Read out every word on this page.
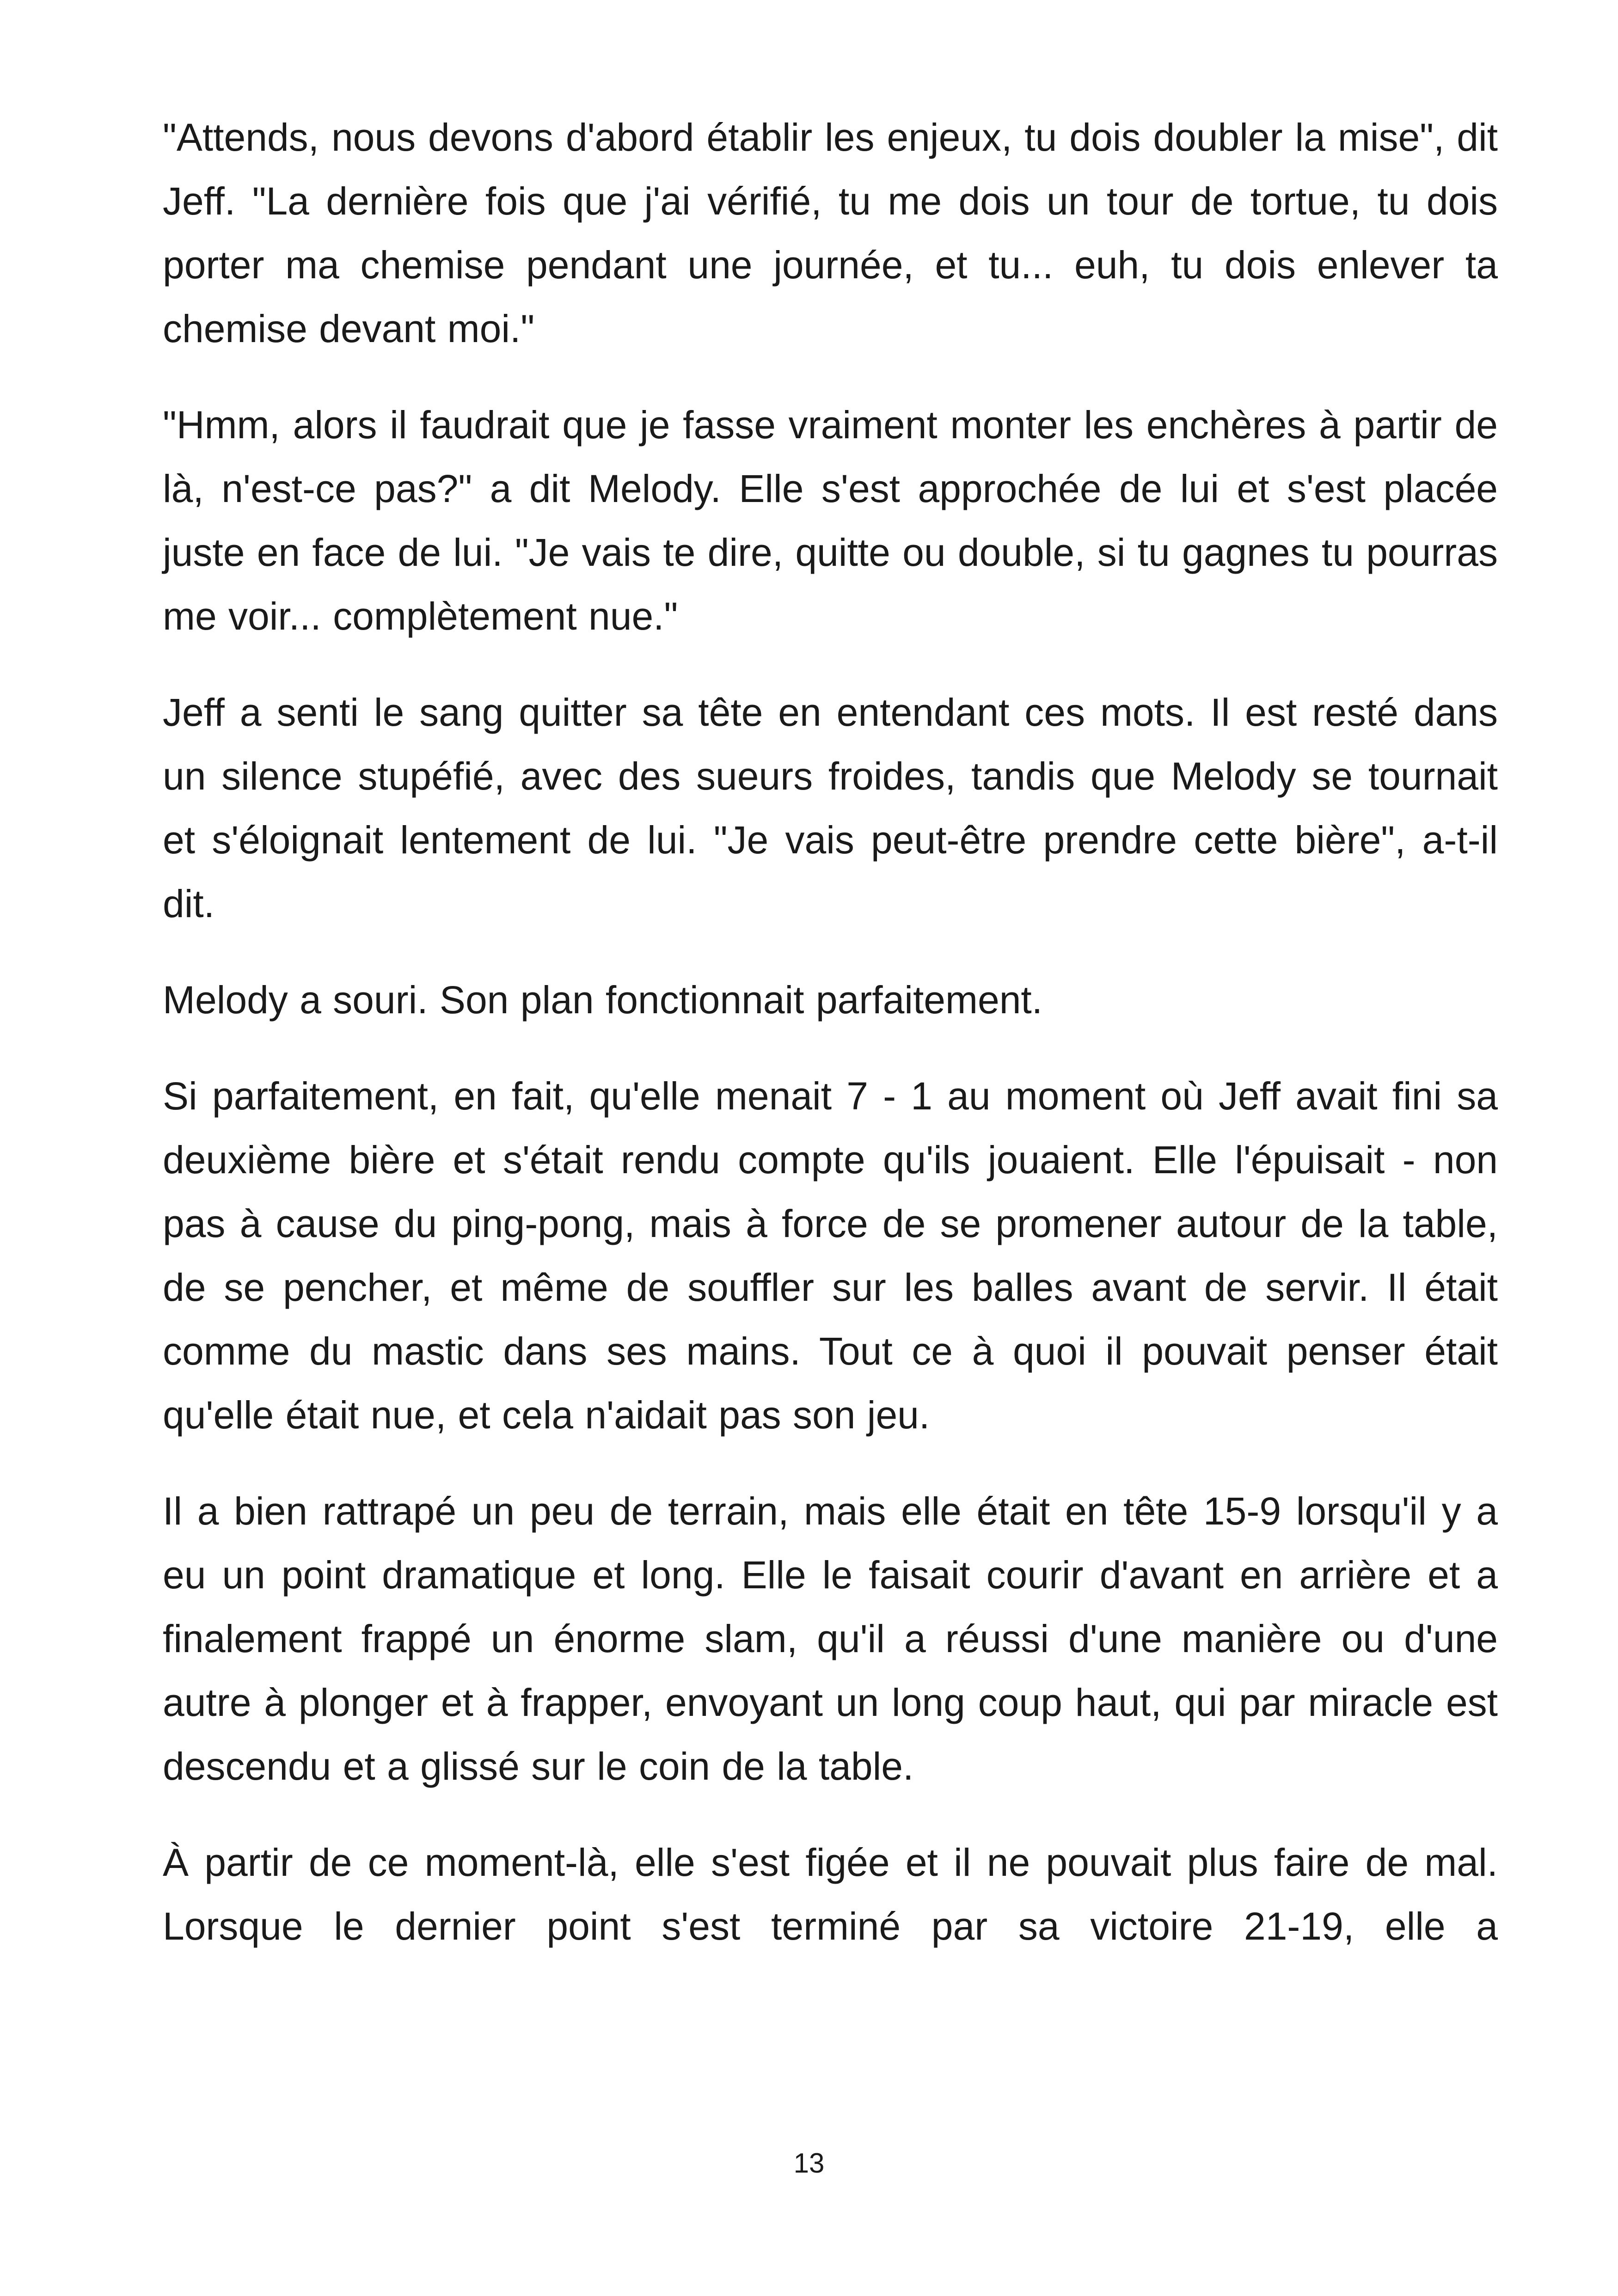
"Attends, nous devons d'abord établir les enjeux, tu dois doubler la mise", dit Jeff. "La dernière fois que j'ai vérifié, tu me dois un tour de tortue, tu dois porter ma chemise pendant une journée, et tu... euh, tu dois enlever ta chemise devant moi."

"Hmm, alors il faudrait que je fasse vraiment monter les enchères à partir de là, n'est-ce pas?" a dit Melody. Elle s'est approchée de lui et s'est placée juste en face de lui. "Je vais te dire, quitte ou double, si tu gagnes tu pourras me voir... complètement nue."

Jeff a senti le sang quitter sa tête en entendant ces mots. Il est resté dans un silence stupéfié, avec des sueurs froides, tandis que Melody se tournait et s'éloignait lentement de lui. "Je vais peut-être prendre cette bière", a-t-il dit.

Melody a souri. Son plan fonctionnait parfaitement.

Si parfaitement, en fait, qu'elle menait 7 - 1 au moment où Jeff avait fini sa deuxième bière et s'était rendu compte qu'ils jouaient. Elle l'épuisait - non pas à cause du ping-pong, mais à force de se promener autour de la table, de se pencher, et même de souffler sur les balles avant de servir. Il était comme du mastic dans ses mains. Tout ce à quoi il pouvait penser était qu'elle était nue, et cela n'aidait pas son jeu.

Il a bien rattrapé un peu de terrain, mais elle était en tête 15-9 lorsqu'il y a eu un point dramatique et long. Elle le faisait courir d'avant en arrière et a finalement frappé un énorme slam, qu'il a réussi d'une manière ou d'une autre à plonger et à frapper, envoyant un long coup haut, qui par miracle est descendu et a glissé sur le coin de la table.

À partir de ce moment-là, elle s'est figée et il ne pouvait plus faire de mal. Lorsque le dernier point s'est terminé par sa victoire 21-19, elle a

13
